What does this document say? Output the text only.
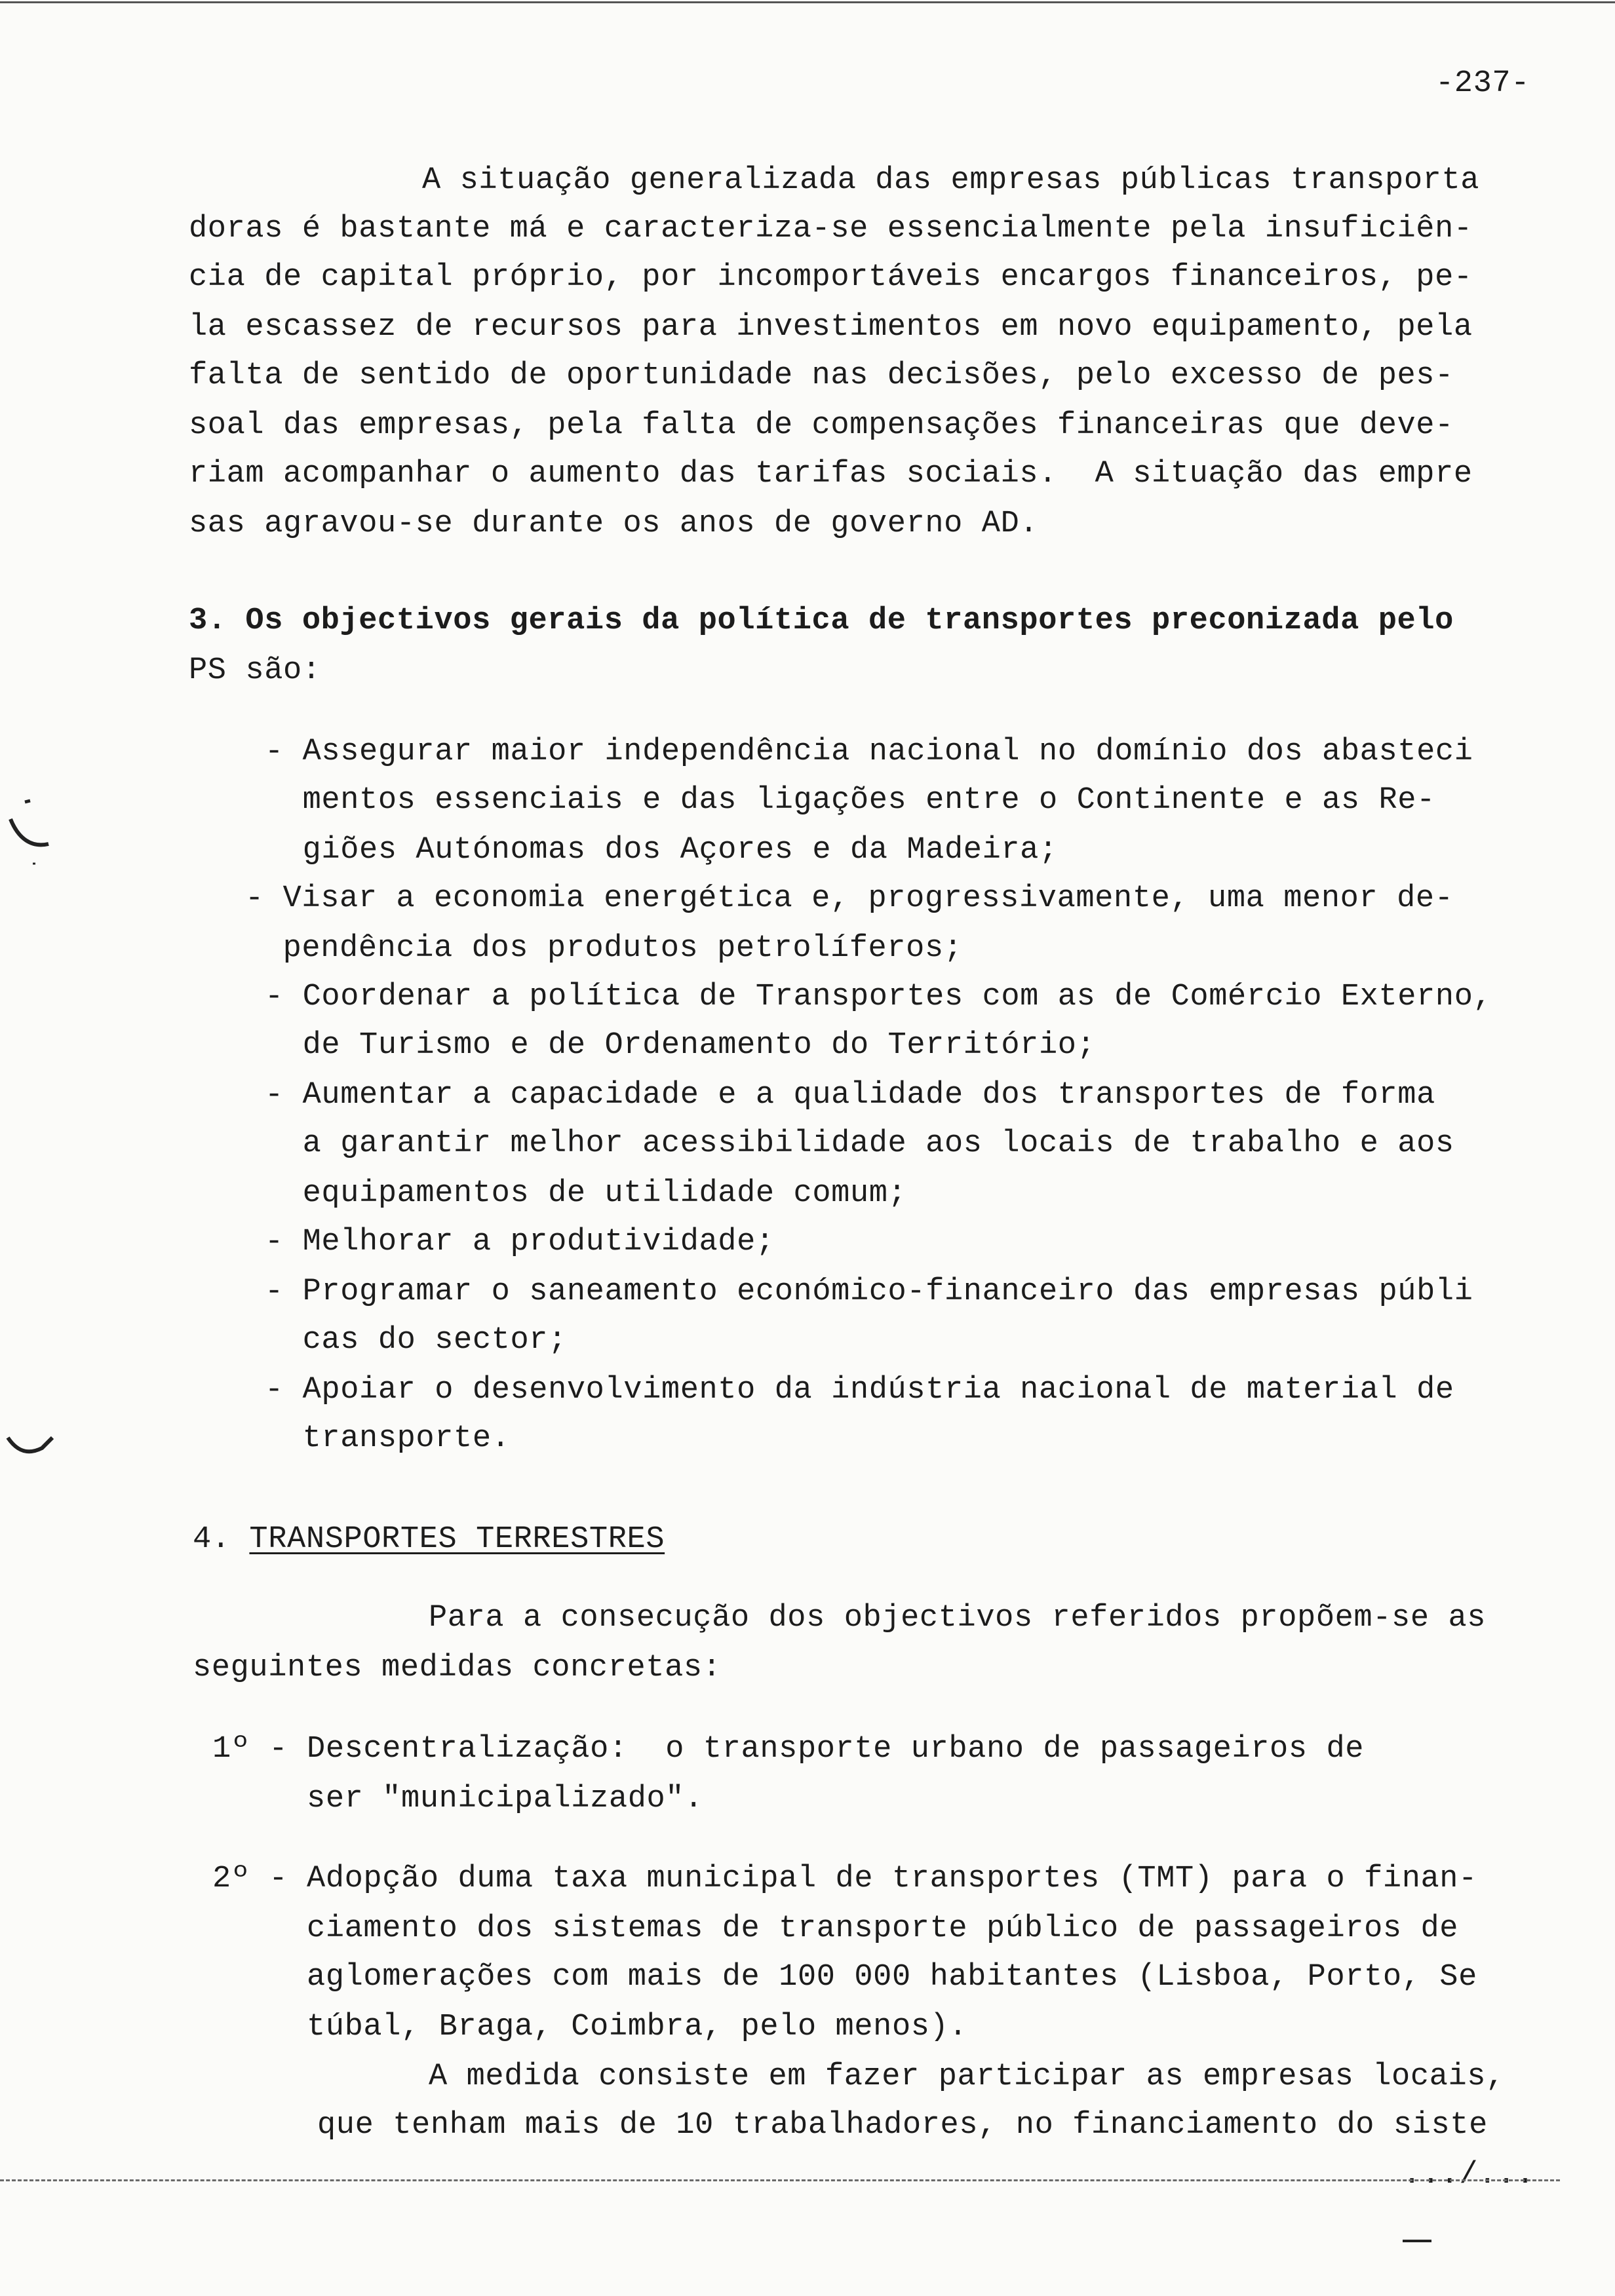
-237-
A situação generalizada das empresas públicas transporta
doras é bastante má e caracteriza-se essencialmente pela insuficiên-
cia de capital próprio, por incomportáveis encargos financeiros, pe-
la escassez de recursos para investimentos em novo equipamento, pela
falta de sentido de oportunidade nas decisões, pelo excesso de pes-
soal das empresas, pela falta de compensações financeiras que deve-
riam acompanhar o aumento das tarifas sociais.  A situação das empre
sas agravou-se durante os anos de governo AD.
3. Os objectivos gerais da política de transportes preconizada pelo
PS são:
- Assegurar maior independência nacional no domínio dos abasteci
mentos essenciais e das ligações entre o Continente e as Re-
giões Autónomas dos Açores e da Madeira;
- Visar a economia energética e, progressivamente, uma menor de-
pendência dos produtos petrolíferos;
- Coordenar a política de Transportes com as de Comércio Externo,
de Turismo e de Ordenamento do Território;
- Aumentar a capacidade e a qualidade dos transportes de forma
a garantir melhor acessibilidade aos locais de trabalho e aos
equipamentos de utilidade comum;
- Melhorar a produtividade;
- Programar o saneamento económico-financeiro das empresas públi
cas do sector;
- Apoiar o desenvolvimento da indústria nacional de material de
transporte.
4. TRANSPORTES TERRESTRES
Para a consecução dos objectivos referidos propõem-se as
seguintes medidas concretas:
1º - Descentralização:  o transporte urbano de passageiros de
ser "municipalizado".
2º - Adopção duma taxa municipal de transportes (TMT) para o finan-
ciamento dos sistemas de transporte público de passageiros de
aglomerações com mais de 100 000 habitantes (Lisboa, Porto, Se
túbal, Braga, Coimbra, pelo menos).
A medida consiste em fazer participar as empresas locais,
que tenham mais de 10 trabalhadores, no financiamento do siste
.../...
